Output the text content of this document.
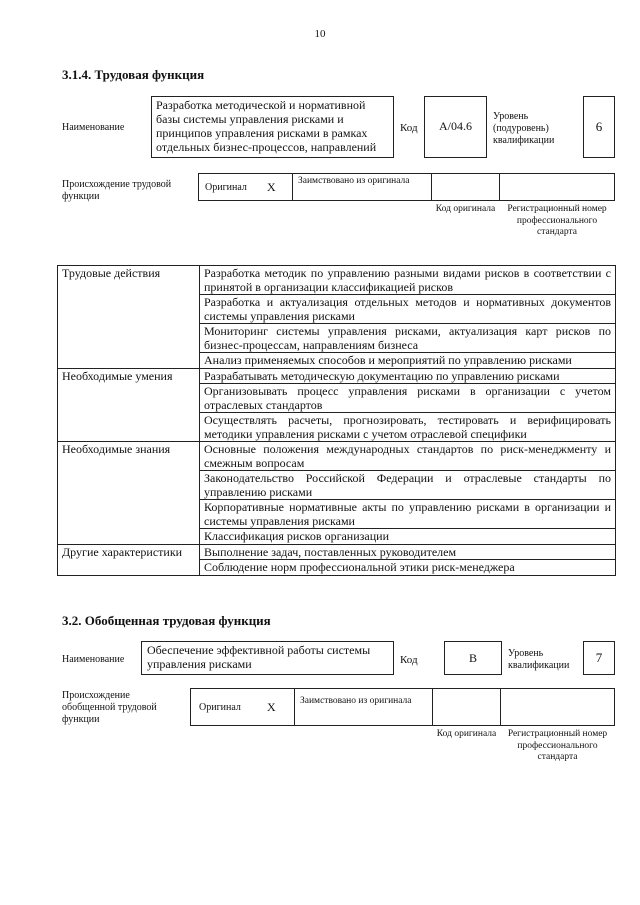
10
3.1.4. Трудовая функция
Наименование
Разработка методической и нормативной базы системы управления рисками и принципов управления рисками в рамках отдельных бизнес-процессов, направлений
Код	А/04.6
Уровень (подуровень) квалификации
6
Происхождение трудовой функции
Оригинал X	Заимствовано из оригинала
Код оригинала	Регистрационный номер профессионального стандарта
Трудовые действия	Разработка методик по управлению разными видами рисков в соответствии с принятой в организации классификацией рисков
	Разработка и актуализация отдельных методов и нормативных документов системы управления рисками
	Мониторинг системы управления рисками, актуализация карт рисков по бизнес-процессам, направлениям бизнеса
	Анализ применяемых способов и мероприятий по управлению рисками
Необходимые умения	Разрабатывать методическую документацию по управлению рисками
	Организовывать процесс управления рисками в организации с учетом отраслевых стандартов
	Осуществлять расчеты, прогнозировать, тестировать и верифицировать методики управления рисками с учетом отраслевой специфики
Необходимые знания	Основные положения международных стандартов по риск-менеджменту и смежным вопросам
	Законодательство Российской Федерации и отраслевые стандарты по управлению рисками
	Корпоративные нормативные акты по управлению рисками в организации и системы управления рисками
	Классификация рисков организации
Другие характеристики	Выполнение задач, поставленных руководителем
	Соблюдение норм профессиональной этики риск-менеджера
3.2. Обобщенная трудовая функция
Наименование
Обеспечение эффективной работы системы управления рисками	Код	B	Уровень квалификации
7
Происхождение обобщенной трудовой функции
Оригинал X	Заимствовано из оригинала
Код оригинала	Регистрационный номер профессионального стандарта
